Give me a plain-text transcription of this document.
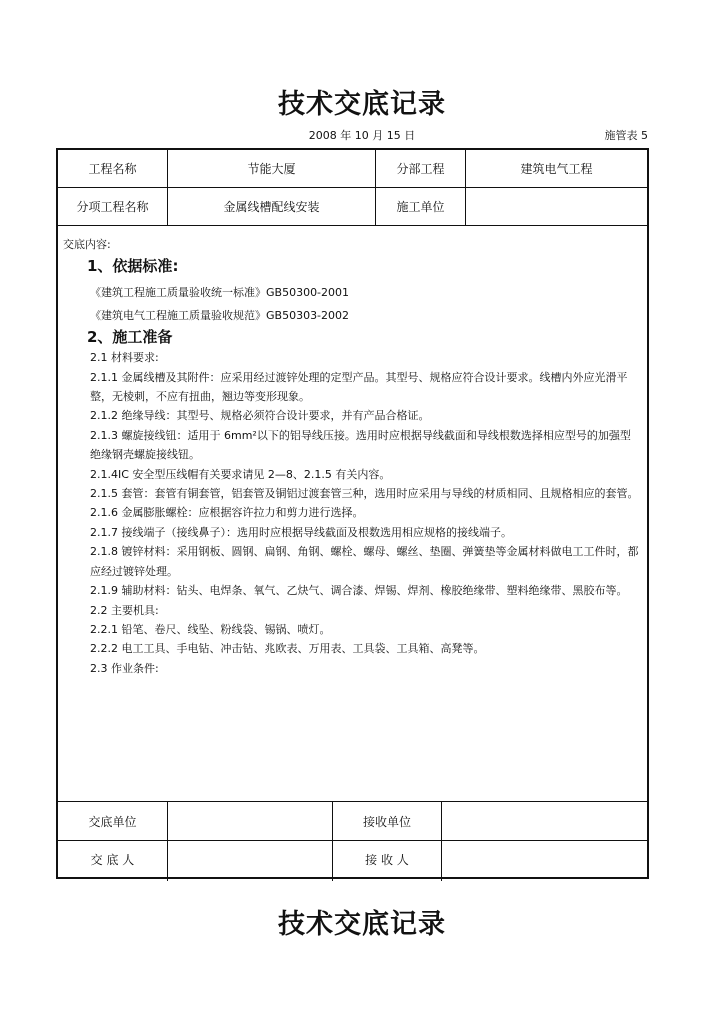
技术交底记录
2008 年 10 月 15 日	施管表 5
工程名称	节能大厦	分部工程	建筑电气工程
分项工程名称	金属线槽配线安装	施工单位

交底内容:

1、依据标准:

《建筑工程施工质量验收统一标准》GB50300-2001

《建筑电气工程施工质量验收规范》GB50303-2002

2、施工准备

2.1 材料要求:

2.1.1 金属线槽及其附件：应采用经过渡锌处理的定型产品。其型号、规格应符合设计要求。线槽内外应光滑平整，无棱刺，不应有扭曲，翘边等变形现象。

2.1.2 绝缘导线：其型号、规格必须符合设计要求，并有产品合格证。

2.1.3 螺旋接线钮：适用于 6mm²以下的铝导线压接。选用时应根据导线截面和导线根数选择相应型号的加强型绝缘钢壳螺旋接线钮。

2.1.4IC 安全型压线帽有关要求请见 2—8、2.1.5 有关内容。

2.1.5 套管：套管有铜套管，铝套管及铜铝过渡套管三种，选用时应采用与导线的材质相同、且规格相应的套管。

2.1.6 金属膨胀螺栓：应根据容许拉力和剪力进行选择。

2.1.7 接线端子（接线鼻子）：选用时应根据导线截面及根数选用相应规格的接线端子。

2.1.8 镀锌材料：采用钢板、圆钢、扁钢、角钢、螺栓、螺母、螺丝、垫圈、弹簧垫等金属材料做电工工件时，都应经过镀锌处理。

2.1.9 辅助材料：钻头、电焊条、氧气、乙炔气、调合漆、焊锡、焊剂、橡胶绝缘带、塑料绝缘带、黑胶布等。

2.2 主要机具:

2.2.1 铅笔、卷尺、线坠、粉线袋、锡锅、喷灯。

2.2.2 电工工具、手电钻、冲击钻、兆欧表、万用表、工具袋、工具箱、高凳等。

2.3 作业条件:

交底单位	接收单位
交 底 人	接 收 人
技术交底记录
